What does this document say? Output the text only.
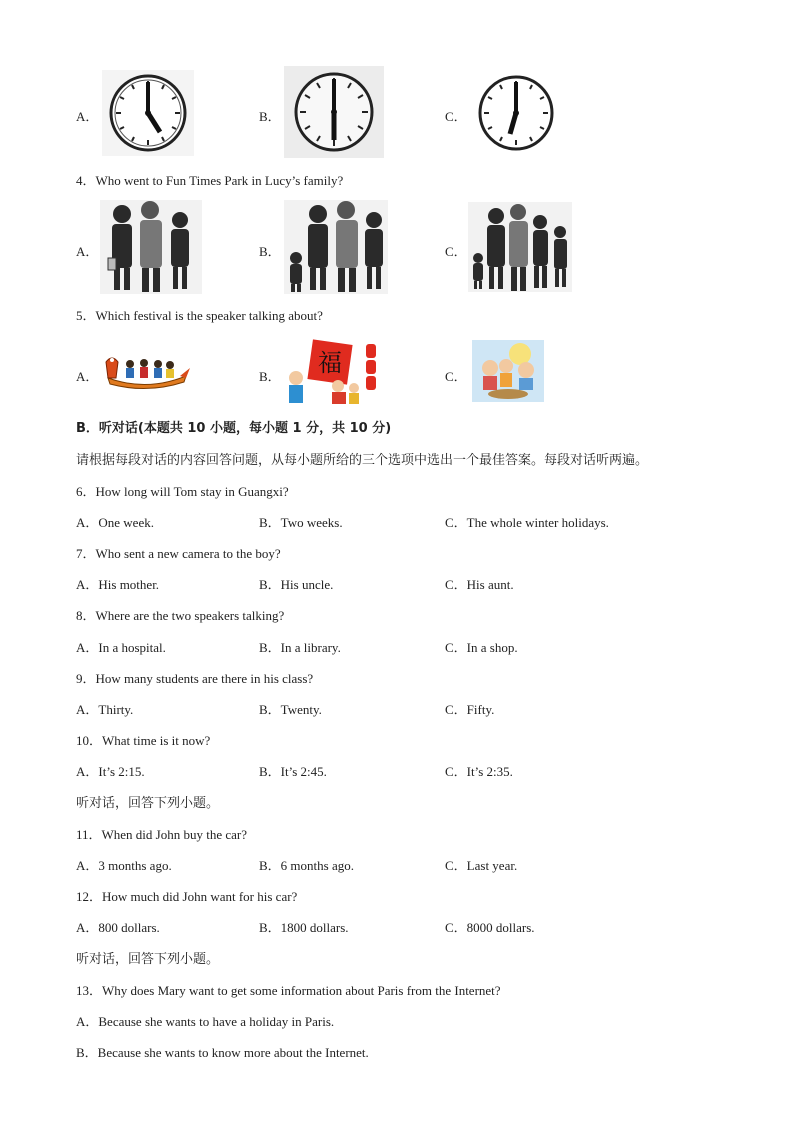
A．	B．	C．
4．Who went to Fun Times Park in Lucy’s family?
A．	B．	C．
5．Which festival is the speaker talking about?
A．	B． 福	C．
B．听对话(本题共 10 小题，每小题 1 分，共 10 分)
请根据每段对话的内容回答问题，从每小题所给的三个选项中选出一个最佳答案。每段对话听两遍。
6．How long will Tom stay in Guangxi?
A．One week.	B．Two weeks.	C．The whole winter holidays.
7．Who sent a new camera to the boy?
A．His mother.	B．His uncle.	C．His aunt.
8．Where are the two speakers talking?
A．In a hospital.	B．In a library.	C．In a shop.
9．How many students are there in his class?
A．Thirty.	B．Twenty.	C．Fifty.
10．What time is it now?
A．It’s 2:15.	B．It’s 2:45.	C．It’s 2:35.
听对话，回答下列小题。
11．When did John buy the car?
A．3 months ago.	B．6 months ago.	C．Last year.
12．How much did John want for his car?
A．800 dollars.	B．1800 dollars.	C．8000 dollars.
听对话，回答下列小题。
13．Why does Mary want to get some information about Paris from the Internet?
A．Because she wants to have a holiday in Paris.
B．Because she wants to know more about the Internet.
